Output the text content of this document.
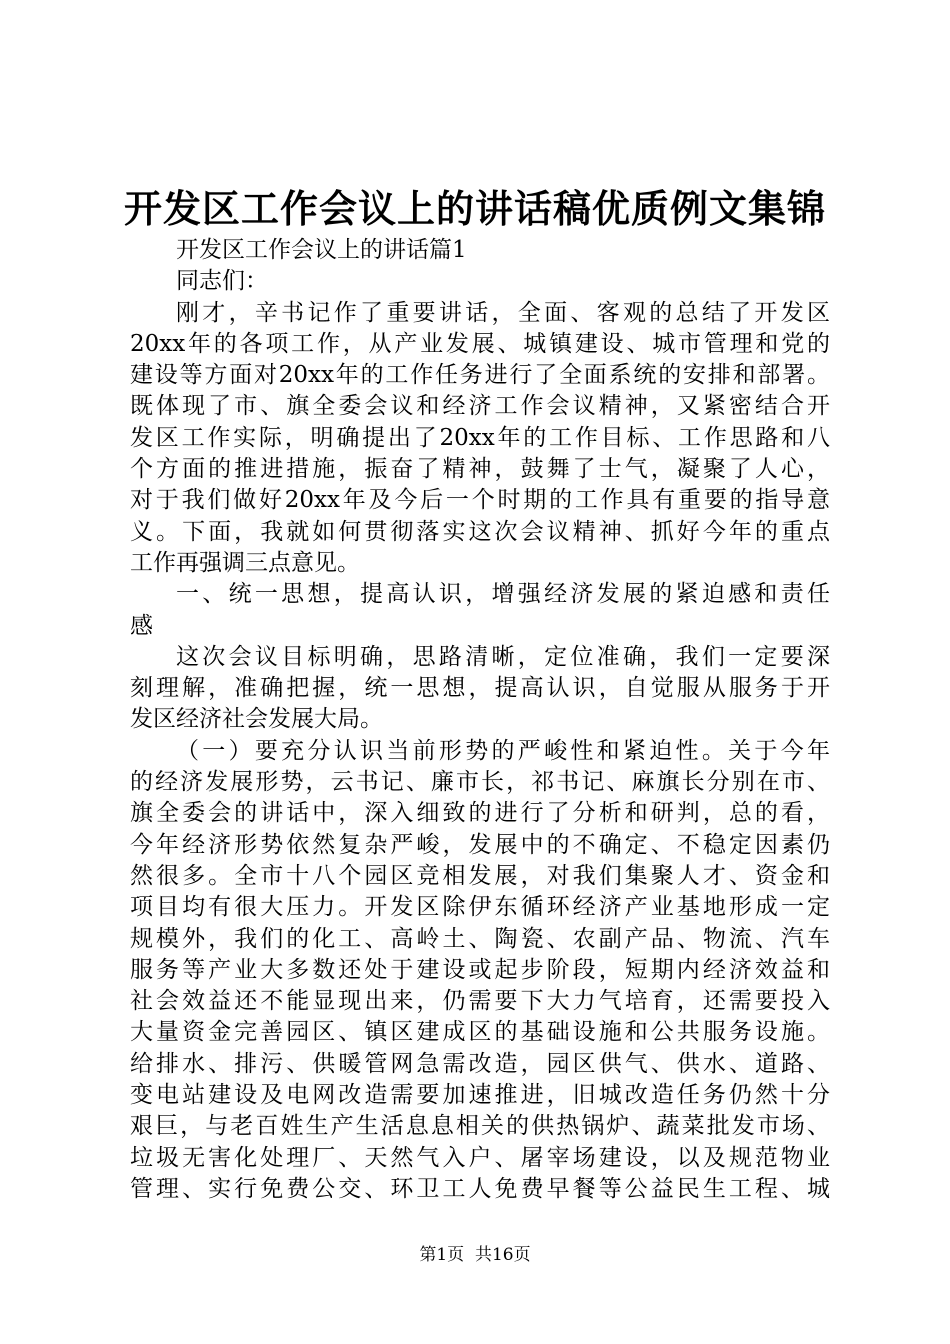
开发区工作会议上的讲话稿优质例文集锦
开发区工作会议上的讲话篇1
同志们：
刚才，辛书记作了重要讲话，全面、客观的总结了开发区
20xx年的各项工作，从产业发展、城镇建设、城市管理和党的
建设等方面对20xx年的工作任务进行了全面系统的安排和部署。
既体现了市、旗全委会议和经济工作会议精神，又紧密结合开
发区工作实际，明确提出了20xx年的工作目标、工作思路和八
个方面的推进措施，振奋了精神，鼓舞了士气，凝聚了人心，
对于我们做好20xx年及今后一个时期的工作具有重要的指导意
义。下面，我就如何贯彻落实这次会议精神、抓好今年的重点
工作再强调三点意见。
一、统一思想，提高认识，增强经济发展的紧迫感和责任
感
这次会议目标明确，思路清晰，定位准确，我们一定要深
刻理解，准确把握，统一思想，提高认识，自觉服从服务于开
发区经济社会发展大局。
（一）要充分认识当前形势的严峻性和紧迫性。关于今年
的经济发展形势，云书记、廉市长，祁书记、麻旗长分别在市、
旗全委会的讲话中，深入细致的进行了分析和研判，总的看，
今年经济形势依然复杂严峻，发展中的不确定、不稳定因素仍
然很多。全市十八个园区竞相发展，对我们集聚人才、资金和
项目均有很大压力。开发区除伊东循环经济产业基地形成一定
规模外，我们的化工、高岭土、陶瓷、农副产品、物流、汽车
服务等产业大多数还处于建设或起步阶段，短期内经济效益和
社会效益还不能显现出来，仍需要下大力气培育，还需要投入
大量资金完善园区、镇区建成区的基础设施和公共服务设施。
给排水、排污、供暖管网急需改造，园区供气、供水、道路、
变电站建设及电网改造需要加速推进，旧城改造任务仍然十分
艰巨，与老百姓生产生活息息相关的供热锅炉、蔬菜批发市场、
垃圾无害化处理厂、天然气入户、屠宰场建设，以及规范物业
管理、实行免费公交、环卫工人免费早餐等公益民生工程、城
第1页  共16页
